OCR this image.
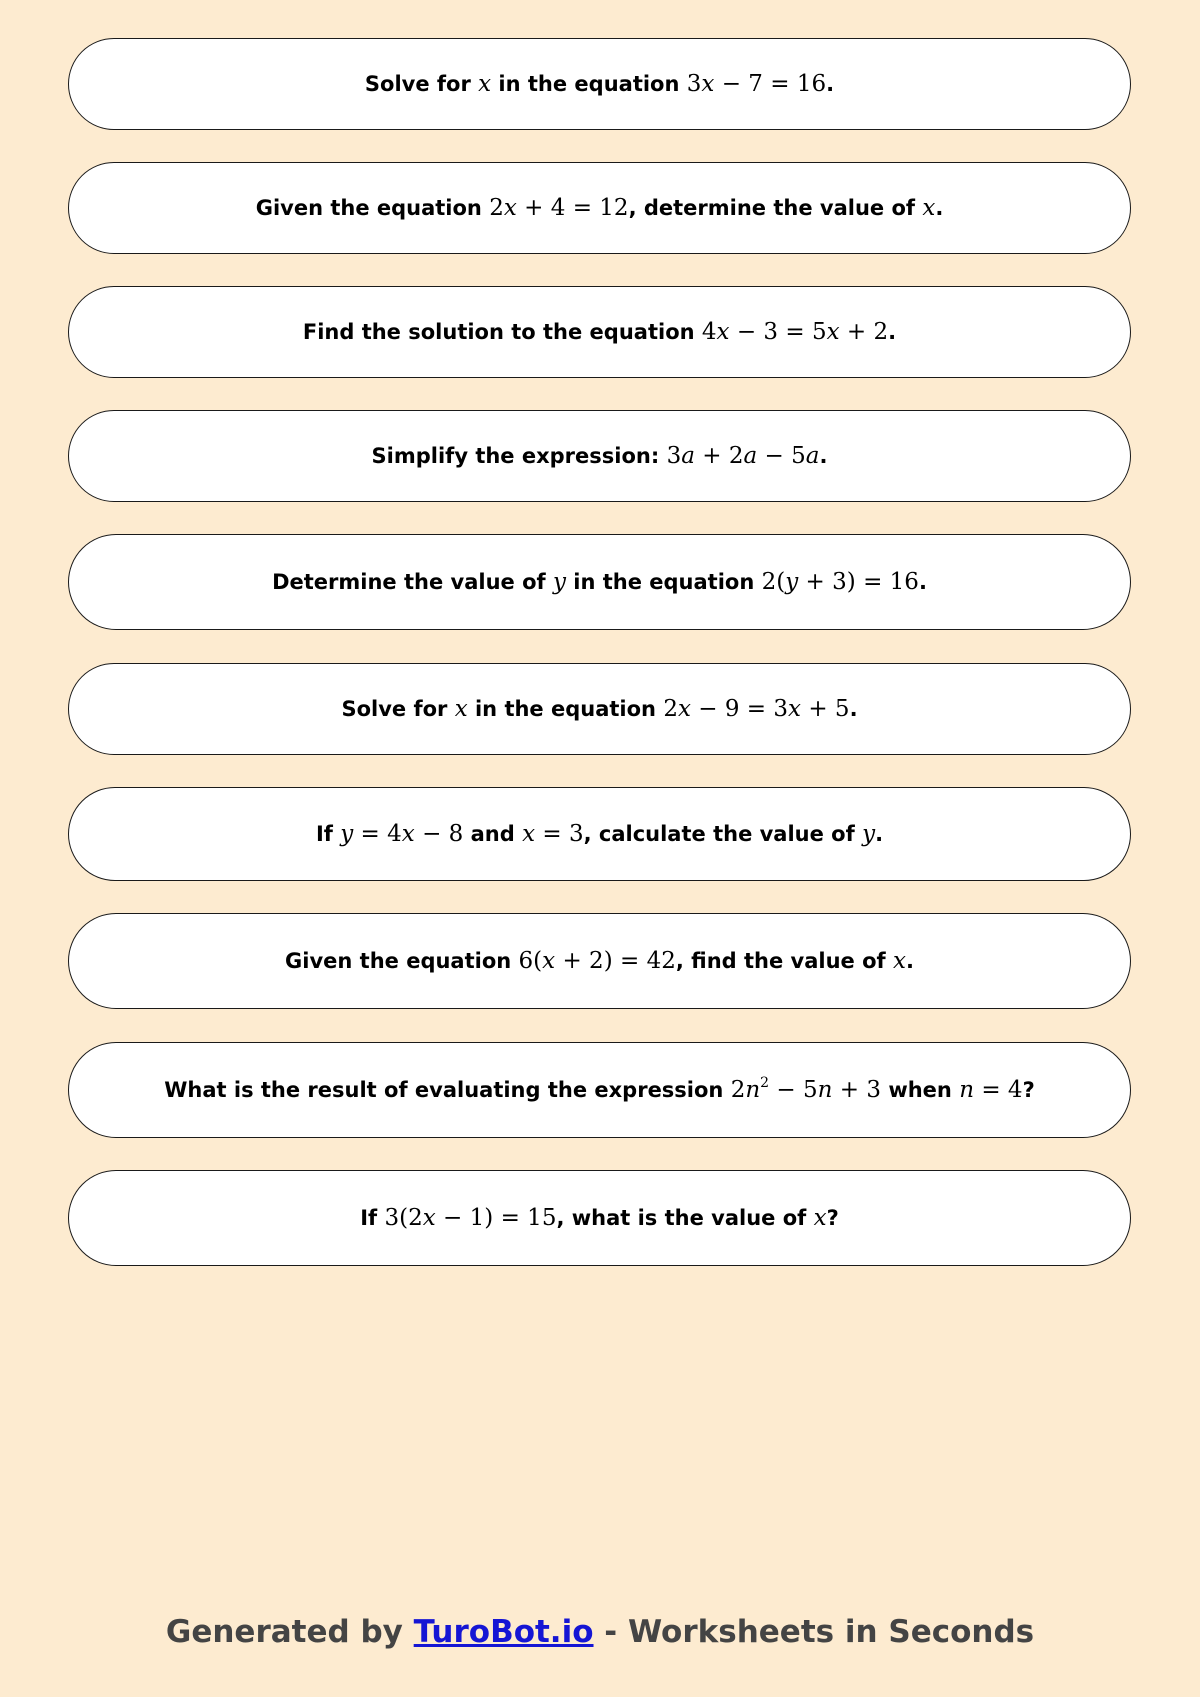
Solve for x in the equation 3x − 7 = 16 .
Given the equation 2x + 4 = 12 , determine the value of x .
Find the solution to the equation 4x − 3 = 5x + 2 .
Simplify the expression: 3a + 2a − 5a .
Determine the value of y in the equation 2(y + 3) = 16 .
Solve for x in the equation 2x − 9 = 3x + 5 .
If y = 4x − 8 and x = 3 , calculate the value of y .
Given the equation 6(x + 2) = 42 , find the value of x .
What is the result of evaluating the expression $2n^2 - 5n + 3$ when n = 4 ?
If 3(2x − 1) = 15 , what is the value of x ?
Generated by TuroBot.io - Worksheets in Seconds
